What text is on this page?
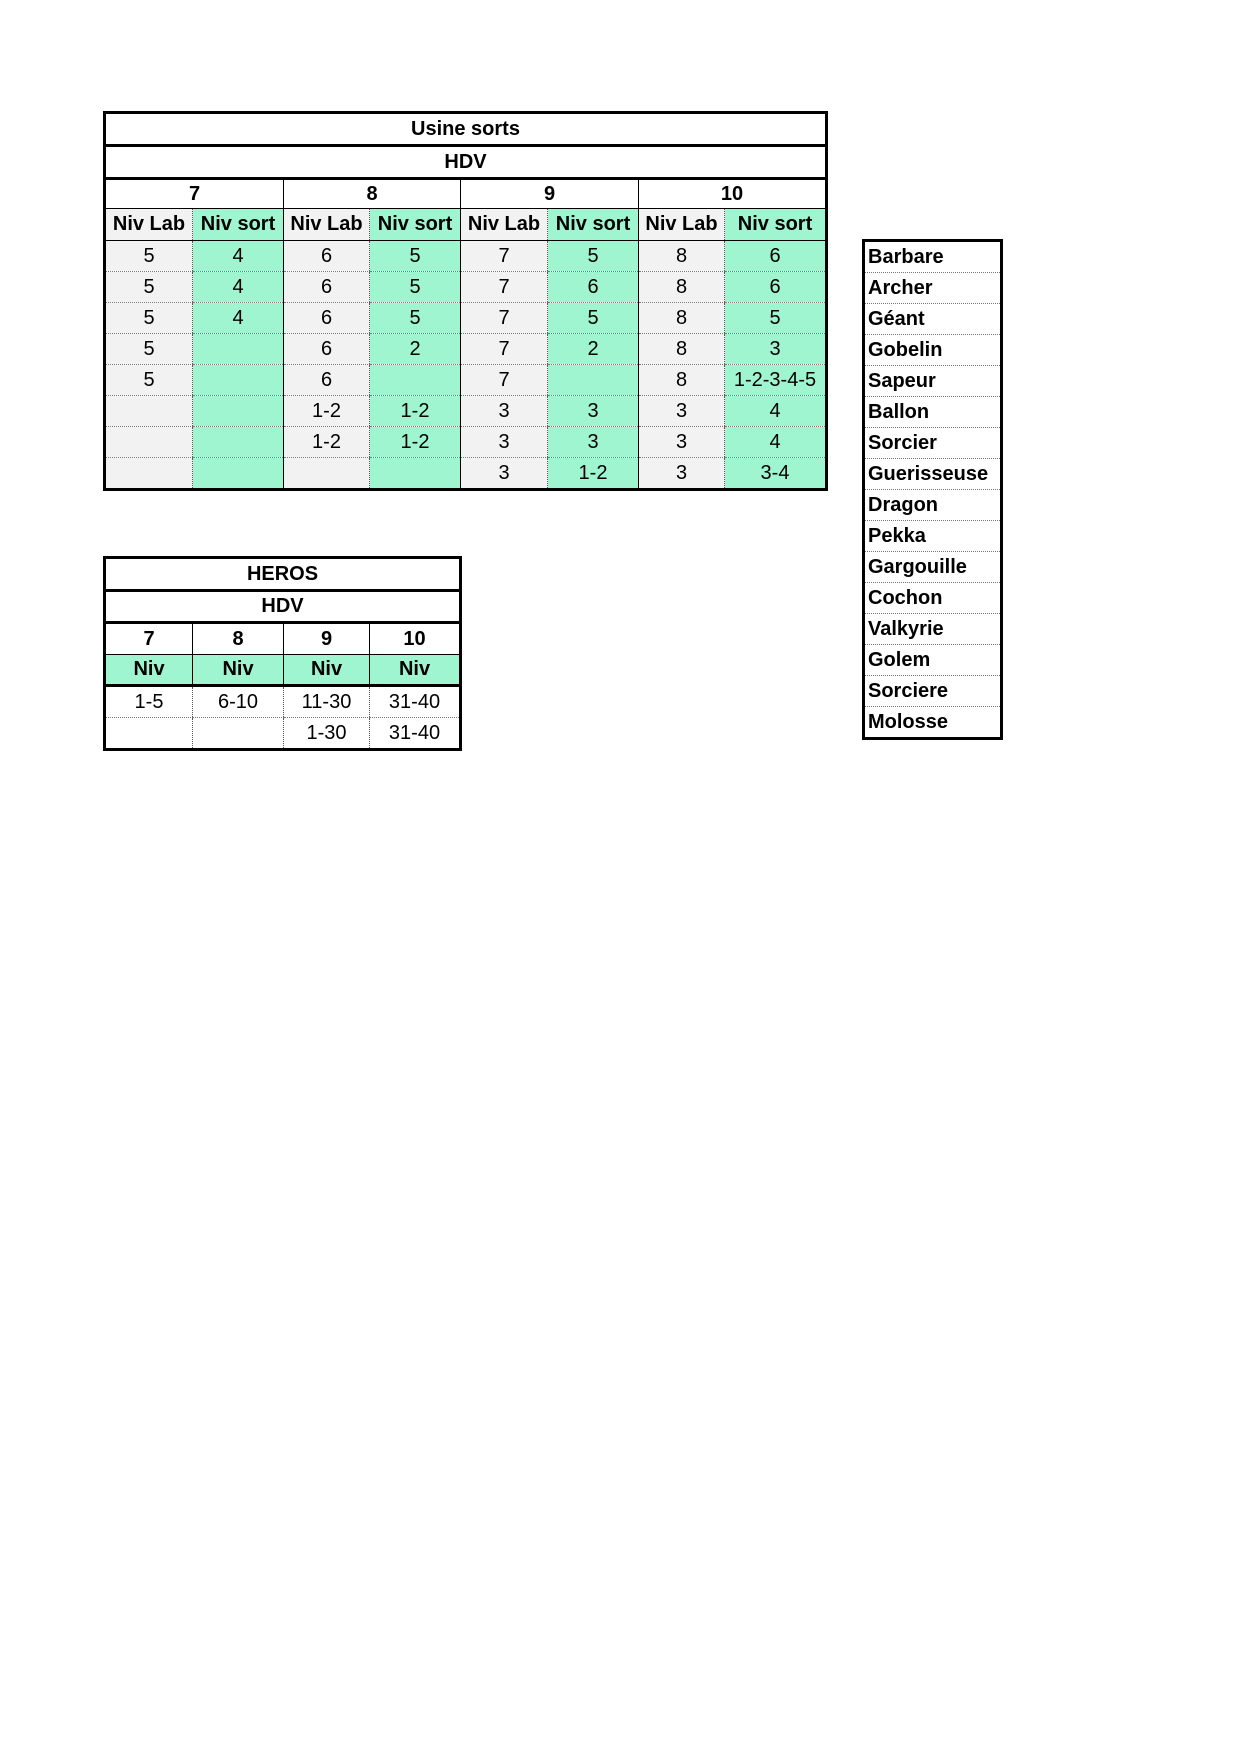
Usine sorts							
HDV							
7		8		9		10	
Niv Lab	Niv sort	Niv Lab	Niv sort	Niv Lab	Niv sort	Niv Lab	Niv sort
5	4	6	5	7	5	8	6
5	4	6	5	7	6	8	6
5	4	6	5	7	5	8	5
5		6	2	7	2	8	3
5		6		7		8	1-2-3-4-5
		1-2	1-2	3	3	3	4
		1-2	1-2	3	3	3	4
				3	1-2	3	3-4
HEROS			
HDV			
7	8	9	10
Niv	Niv	Niv	Niv
1-5	6-10	11-30	31-40
		1-30	31-40
Barbare
Archer
Géant
Gobelin
Sapeur
Ballon
Sorcier
Guerisseuse
Dragon
Pekka
Gargouille
Cochon
Valkyrie
Golem
Sorciere
Molosse
